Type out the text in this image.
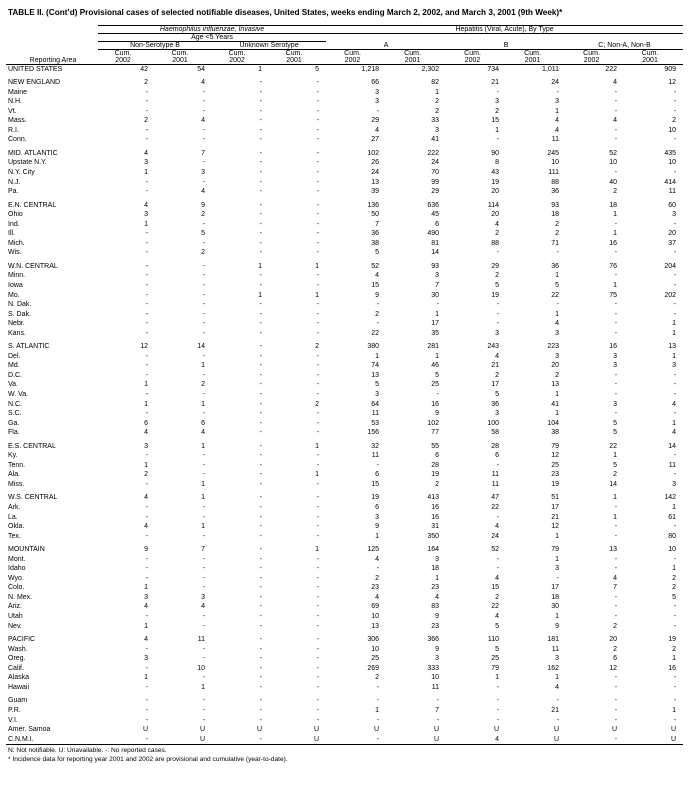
TABLE II. (Cont’d) Provisional cases of selected notifiable diseases, United States, weeks ending March 2, 2002, and March 3, 2001 (9th Week)*
	Haemophilus influenzae, Invasive				Hepatitis (Viral, Acute), By Type					
	Age <5 Years									
	Non-Serotype B		Unknown Serotype		A		B		C; Non-A, Non-B	
	Cum.	Cum.	Cum.	Cum.	Cum.	Cum.	Cum.	Cum.	Cum.	Cum.
Reporting Area	2002	2001	2002	2001	2002	2001	2002	2001	2002	2001
UNITED STATES	42	54	1	5	1,218	2,302	734	1,011	222	909

NEW ENGLAND	2	4	-	-	66	82	21	24	4	12
Maine	-	-	-	-	3	1	-	-	-	-
N.H.	-	-	-	-	3	2	3	3	-	-
Vt.	-	-	-	-	-	2	2	1	-	-
Mass.	2	4	-	-	29	33	15	4	4	2
R.I.	-	-	-	-	4	3	1	4	-	10
Conn.	-	-	-	-	27	41	-	11	-	-

MID. ATLANTIC	4	7	-	-	102	222	90	245	52	435
Upstate N.Y.	3	-	-	-	26	24	8	10	10	10
N.Y. City	1	3	-	-	24	70	43	111	-	-
N.J.	-	-	-	-	13	99	19	88	40	414
Pa.	-	4	-	-	39	29	20	36	2	11

E.N. CENTRAL	4	9	-	-	136	636	114	93	18	60
Ohio	3	2	-	-	50	45	20	18	1	3
Ind.	1	-	-	-	7	6	4	2	-	-
Ill.	-	5	-	-	36	490	2	2	1	20
Mich.	-	-	-	-	38	81	88	71	16	37
Wis.	-	2	-	-	5	14	-	-	-	-

W.N. CENTRAL	-	-	1	1	52	93	29	36	76	204
Minn.	-	-	-	-	4	3	2	1	-	-
Iowa	-	-	-	-	15	7	5	5	1	-
Mo.	-	-	1	1	9	30	19	22	75	202
N. Dak.	-	-	-	-	-	-	-	-	-	-
S. Dak.	-	-	-	-	2	1	-	1	-	-
Nebr.	-	-	-	-	-	17	-	4	-	1
Kans.	-	-	-	-	22	35	3	3	-	1

S. ATLANTIC	12	14	-	2	380	281	243	223	16	13
Del.	-	-	-	-	1	1	4	3	3	1
Md.	-	1	-	-	74	46	21	20	3	3
D.C.	-	-	-	-	13	5	2	2	-	-
Va.	1	2	-	-	5	25	17	13	-	-
W. Va.	-	-	-	-	3	-	5	1	-	-
N.C.	1	1	-	2	64	16	36	41	3	4
S.C.	-	-	-	-	11	9	3	1	-	-
Ga.	6	6	-	-	53	102	100	104	5	1
Fla.	4	4	-	-	156	77	58	38	5	4

E.S. CENTRAL	3	1	-	1	32	55	28	79	22	14
Ky.	-	-	-	-	11	6	6	12	1	-
Tenn.	1	-	-	-	-	28	-	25	5	11
Ala.	2	-	-	1	6	19	11	23	2	-
Miss.	-	1	-	-	15	2	11	19	14	3

W.S. CENTRAL	4	1	-	-	19	413	47	51	1	142
Ark.	-	-	-	-	6	16	22	17	-	1
La.	-	-	-	-	3	16	-	21	1	61
Okla.	4	1	-	-	9	31	4	12	-	-
Tex.	-	-	-	-	1	350	24	1	-	80

MOUNTAIN	9	7	-	1	125	164	52	79	13	10
Mont.	-	-	-	-	4	3	-	1	-	-
Idaho	-	-	-	-	-	18	-	3	-	1
Wyo.	-	-	-	-	2	1	4	-	4	2
Colo.	1	-	-	-	23	23	15	17	7	2
N. Mex.	3	3	-	-	4	4	2	18	-	5
Ariz.	4	4	-	-	69	83	22	30	-	-
Utah	-	-	-	-	10	9	4	1	-	-
Nev.	1	-	-	-	13	23	5	9	2	-

PACIFIC	4	11	-	-	306	366	110	181	20	19
Wash.	-	-	-	-	10	9	5	11	2	2
Oreg.	3	-	-	-	25	3	25	3	6	1
Calif.	-	10	-	-	269	333	79	162	12	16
Alaska	1	-	-	-	2	10	1	1	-	-
Hawaii	-	1	-	-	-	11	-	4	-	-

Guam	-	-	-	-	-	-	-	-	-	-
P.R.	-	-	-	-	1	7	-	21	-	1
V.I.	-	-	-	-	-	-	-	-	-	-
Amer. Samoa	U	U	U	U	U	U	U	U	U	U
C.N.M.I.	-	U	-	U	-	U	4	U	-	U
N: Not notifiable. U: Unavailable. -: No reported cases.
* Incidence data for reporting year 2001 and 2002 are provisional and cumulative (year-to-date).
